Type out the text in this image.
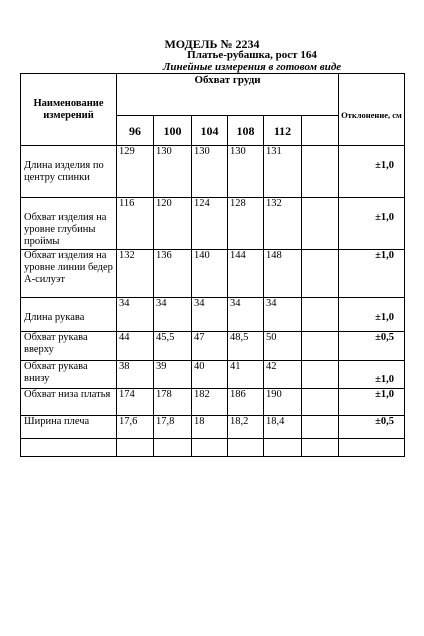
МОДЕЛЬ № 2234
Платье-рубашка, рост 164
Линейные измерения в готовом виде
Наименование измерений	Обхват груди						Отклонение, см
	96	100	104	108	112		
Длина изделия по центру спинки	129	130	130	130	131		±1,0
Обхват изделия на уровне глубины проймы	116	120	124	128	132		±1,0
Обхват изделия на уровне линии бедер А-силуэт	132	136	140	144	148		±1,0
Длина рукава	34	34	34	34	34		±1,0
Обхват рукава вверху	44	45,5	47	48,5	50		±0,5
Обхват рукава внизу	38	39	40	41	42		±1,0
Обхват низа платья	174	178	182	186	190		±1,0
Ширина плеча	17,6	17,8	18	18,2	18,4		±0,5
